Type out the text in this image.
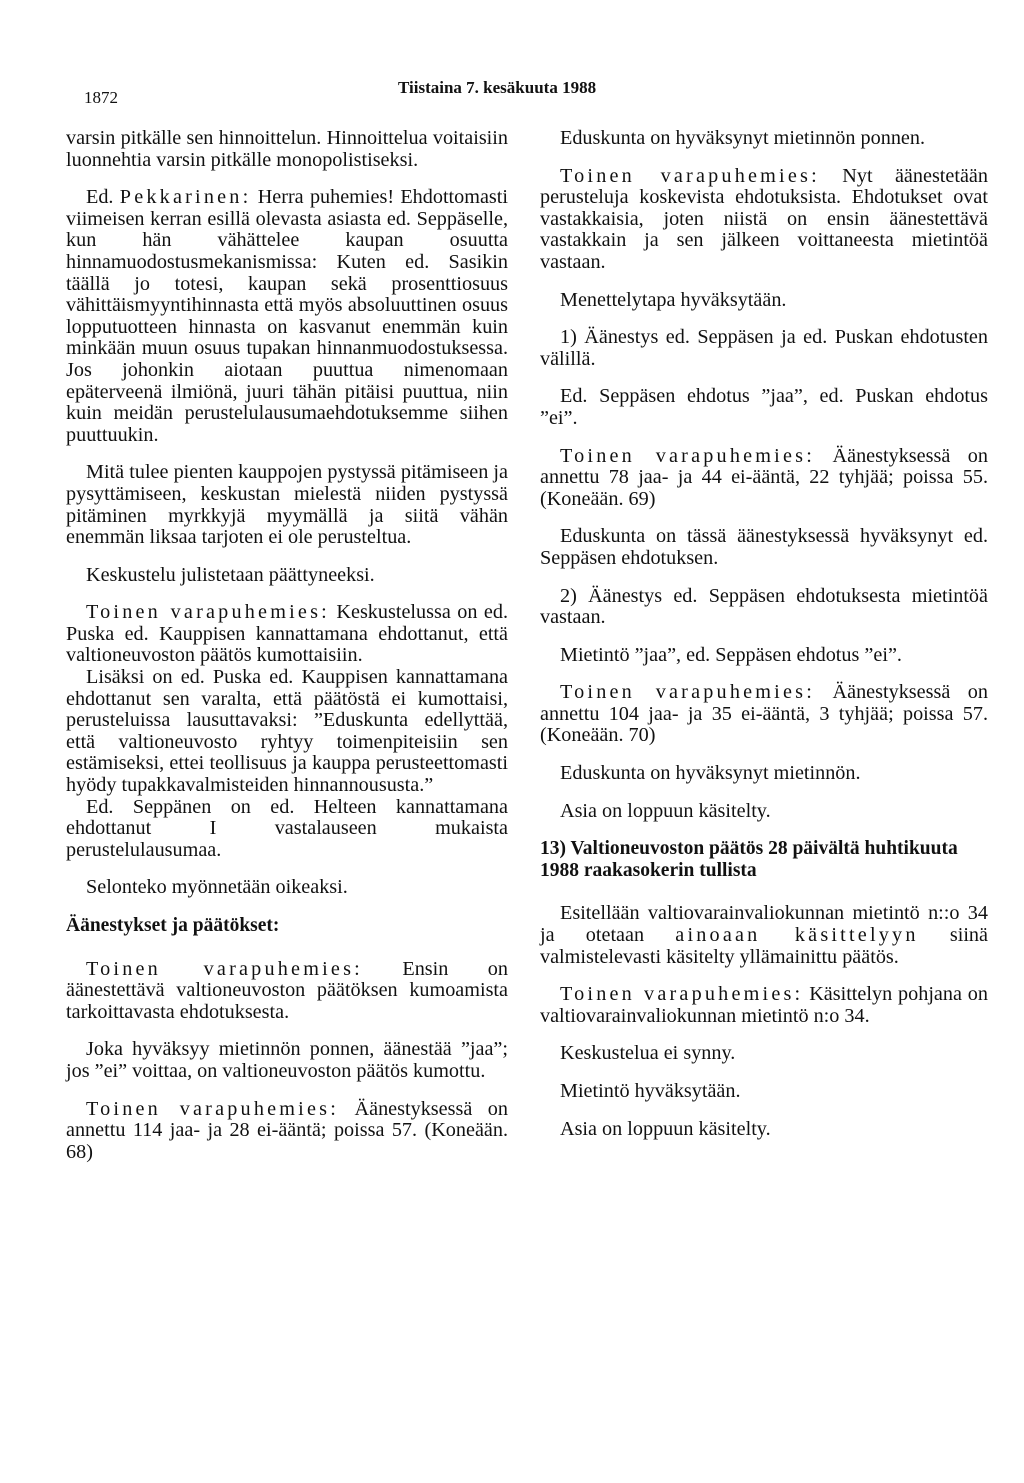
1872
Tiistaina 7. kesäkuuta 1988

varsin pitkälle sen hinnoittelun. Hinnoittelua voitaisiin luonnehtia varsin pitkälle monopolistiseksi.

Ed. Pekkarinen: Herra puhemies! Ehdottomasti viimeisen kerran esillä olevasta asiasta ed. Seppäselle, kun hän vähättelee kaupan osuutta hinnamuodostusmekanismissa: Kuten ed. Sasikin täällä jo totesi, kaupan sekä prosenttiosuus vähittäismyyntihinnasta että myös absoluuttinen osuus lopputuotteen hinnasta on kasvanut enemmän kuin minkään muun osuus tupakan hinnanmuodostuksessa. Jos johonkin aiotaan puuttua nimenomaan epäterveenä ilmiönä, juuri tähän pitäisi puuttua, niin kuin meidän perustelulausumaehdotuksemme siihen puuttuukin.

Mitä tulee pienten kauppojen pystyssä pitämiseen ja pysyttämiseen, keskustan mielestä niiden pystyssä pitäminen myrkkyjä myymällä ja siitä vähän enemmän liksaa tarjoten ei ole perusteltua.

Keskustelu julistetaan päättyneeksi.

Toinen varapuhemies: Keskustelussa on ed. Puska ed. Kauppisen kannattamana ehdottanut, että valtioneuvoston päätös kumottaisiin.

Lisäksi on ed. Puska ed. Kauppisen kannattamana ehdottanut sen varalta, että päätöstä ei kumottaisi, perusteluissa lausuttavaksi: ”Eduskunta edellyttää, että valtioneuvosto ryhtyy toimenpiteisiin sen estämiseksi, ettei teollisuus ja kauppa perusteettomasti hyödy tupakkavalmisteiden hinnannoususta.”

Ed. Seppänen on ed. Helteen kannattamana ehdottanut I vastalauseen mukaista perustelulausumaa.

Selonteko myönnetään oikeaksi.

Äänestykset ja päätökset:

Toinen varapuhemies: Ensin on äänestettävä valtioneuvoston päätöksen kumoamista tarkoittavasta ehdotuksesta.

Joka hyväksyy mietinnön ponnen, äänestää ”jaa”; jos ”ei” voittaa, on valtioneuvoston päätös kumottu.

Toinen varapuhemies: Äänestyksessä on annettu 114 jaa- ja 28 ei-ääntä; poissa 57. (Koneään. 68)

Eduskunta on hyväksynyt mietinnön ponnen.

Toinen varapuhemies: Nyt äänestetään perusteluja koskevista ehdotuksista. Ehdotukset ovat vastakkaisia, joten niistä on ensin äänestettävä vastakkain ja sen jälkeen voittaneesta mietintöä vastaan.

Menettelytapa hyväksytään.

1) Äänestys ed. Seppäsen ja ed. Puskan ehdotusten välillä.

Ed. Seppäsen ehdotus ”jaa”, ed. Puskan ehdotus ”ei”.

Toinen varapuhemies: Äänestyksessä on annettu 78 jaa- ja 44 ei-ääntä, 22 tyhjää; poissa 55. (Koneään. 69)

Eduskunta on tässä äänestyksessä hyväksynyt ed. Seppäsen ehdotuksen.

2) Äänestys ed. Seppäsen ehdotuksesta mietintöä vastaan.

Mietintö ”jaa”, ed. Seppäsen ehdotus ”ei”.

Toinen varapuhemies: Äänestyksessä on annettu 104 jaa- ja 35 ei-ääntä, 3 tyhjää; poissa 57. (Koneään. 70)

Eduskunta on hyväksynyt mietinnön.

Asia on loppuun käsitelty.

13) Valtioneuvoston päätös 28 päivältä huhtikuuta 1988 raakasokerin tullista

Esitellään valtiovarainvaliokunnan mietintö n::o 34 ja otetaan ainoaan käsittelyyn siinä valmistelevasti käsitelty yllämainittu päätös.

Toinen varapuhemies: Käsittelyn pohjana on valtiovarainvaliokunnan mietintö n:o 34.

Keskustelua ei synny.

Mietintö hyväksytään.

Asia on loppuun käsitelty.
